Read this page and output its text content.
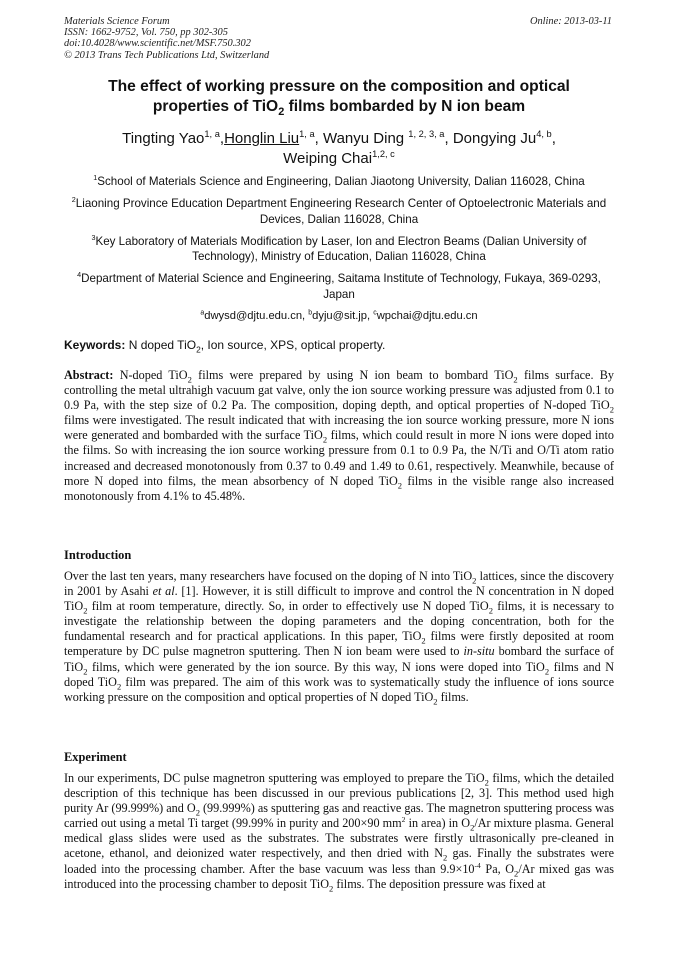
Materials Science Forum
ISSN: 1662-9752, Vol. 750, pp 302-305
doi:10.4028/www.scientific.net/MSF.750.302
© 2013 Trans Tech Publications Ltd, Switzerland
Online: 2013-03-11
The effect of working pressure on the composition and optical
properties of TiO$_2$ films bombarded by N ion beam
Tingting Yao$^{1, a}$,Honglin Liu$^{1, a}$, Wanyu Ding $^{1, 2, 3, a}$, Dongying Ju$^{4, b}$,
Weiping Chai$^{1,2, c}$

$^1$School of Materials Science and Engineering, Dalian Jiaotong University, Dalian 116028, China

$^2$Liaoning Province Education Department Engineering Research Center of Optoelectronic Materials and Devices, Dalian 116028, China

$^3$Key Laboratory of Materials Modification by Laser, Ion and Electron Beams (Dalian University of Technology), Ministry of Education, Dalian 116028, China

$^4$Department of Material Science and Engineering, Saitama Institute of Technology, Fukaya, 369-0293, Japan

$^a$dwysd@djtu.edu.cn, $^b$dyju@sit.jp, $^c$wpchai@djtu.edu.cn

Keywords: N doped TiO$_2$, Ion source, XPS, optical property.

Abstract: N-doped TiO$_2$ films were prepared by using N ion beam to bombard TiO$_2$ films surface. By controlling the metal ultrahigh vacuum gat valve, only the ion source working pressure was adjusted from 0.1 to 0.9 Pa, with the step size of 0.2 Pa. The composition, doping depth, and optical properties of N-doped TiO$_2$ films were investigated. The result indicated that with increasing the ion source working pressure, more N ions were generated and bombarded with the surface TiO$_2$ films, which could result in more N ions were doped into the films. So with increasing the ion source working pressure from 0.1 to 0.9 Pa, the N/Ti and O/Ti atom ratio increased and decreased monotonously from 0.37 to 0.49 and 1.49 to 0.61, respectively. Meanwhile, because of more N doped into films, the mean absorbency of N doped TiO$_2$ films in the visible range also increased monotonously from 4.1% to 45.48%.

Introduction

Over the last ten years, many researchers have focused on the doping of N into TiO$_2$ lattices, since the discovery in 2001 by Asahi et al. [1]. However, it is still difficult to improve and control the N concentration in N doped TiO$_2$ film at room temperature, directly. So, in order to effectively use N doped TiO$_2$ films, it is necessary to investigate the relationship between the doping parameters and the doping concentration, both for the fundamental research and for practical applications. In this paper, TiO$_2$ films were firstly deposited at room temperature by DC pulse magnetron sputtering. Then N ion beam were used to in-situ bombard the surface of TiO$_2$ films, which were generated by the ion source. By this way, N ions were doped into TiO$_2$ films and N doped TiO$_2$ film was prepared. The aim of this work was to systematically study the influence of ions source working pressure on the composition and optical properties of N doped TiO$_2$ films.

Experiment

In our experiments, DC pulse magnetron sputtering was employed to prepare the TiO$_2$ films, which the detailed description of this technique has been discussed in our previous publications [2, 3]. This method used high purity Ar (99.999%) and $O_2$ (99.999%) as sputtering gas and reactive gas. The magnetron sputtering process was carried out using a metal Ti target (99.99% in purity and 200×90 $mm^2$ in area) in $O_2/Ar$ mixture plasma. General medical glass slides were used as the substrates. The substrates were firstly ultrasonically pre-cleaned in acetone, ethanol, and deionized water respectively, and then dried with $N_2$ gas. Finally the substrates were loaded into the processing chamber. After the base vacuum was less than $9.9\times 10^{-4}$ Pa, $O_2/Ar$ mixed gas was introduced into the processing chamber to deposit TiO$_2$ films. The deposition pressure was fixed at
